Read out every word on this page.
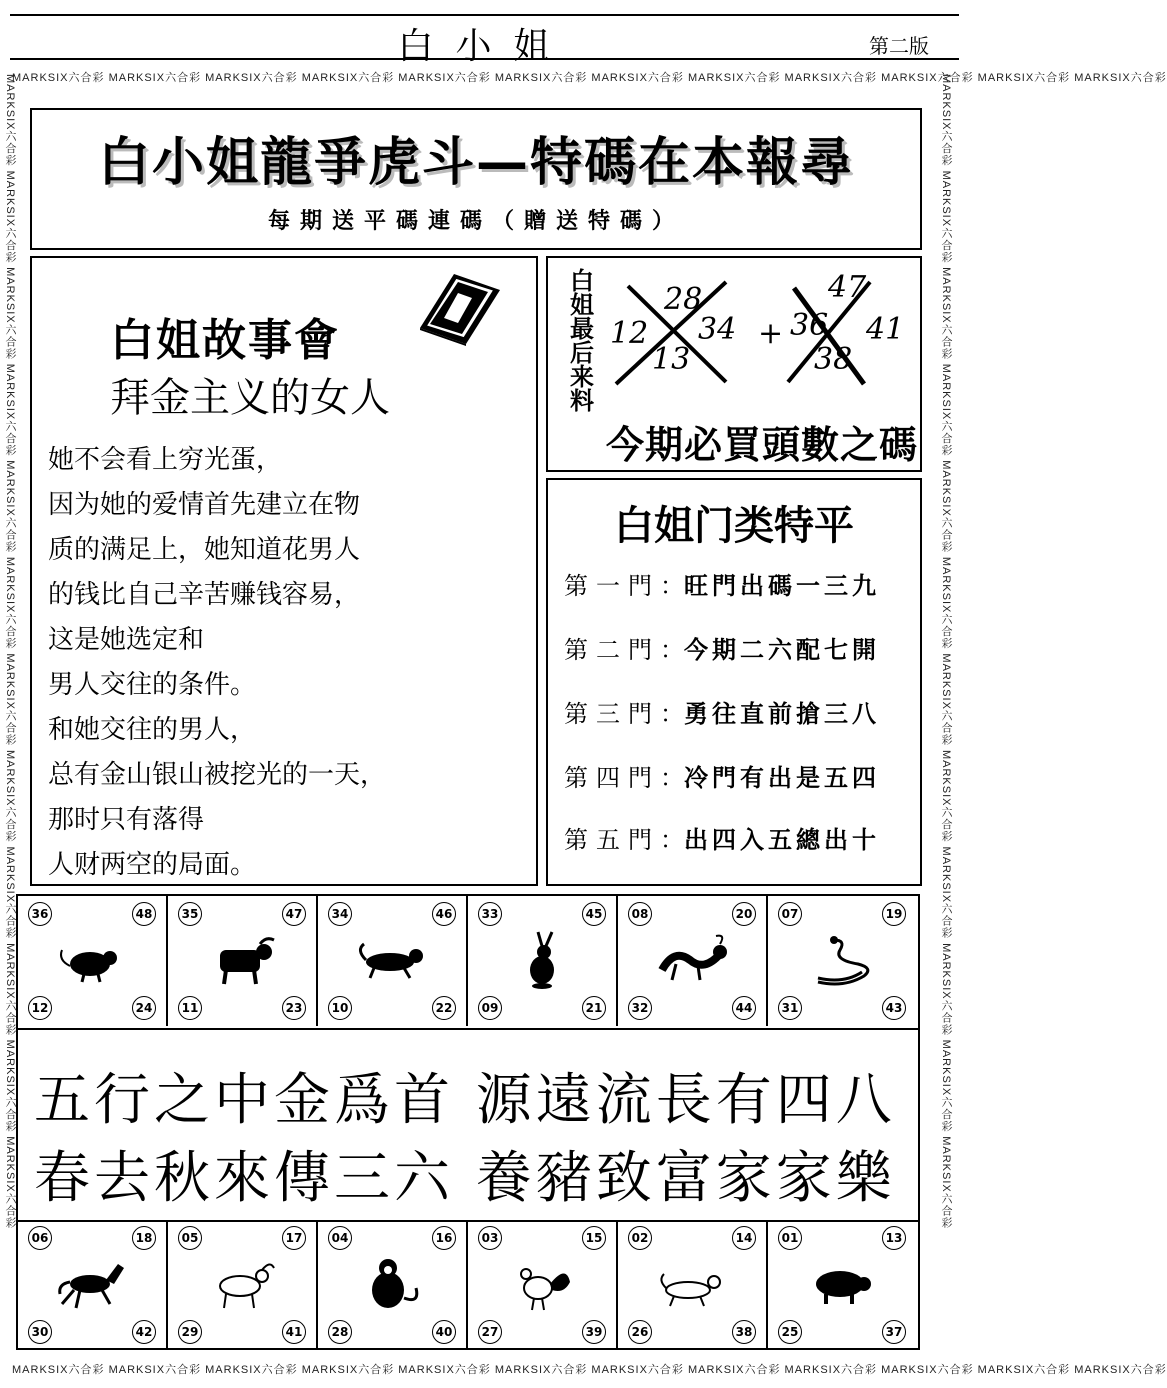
白小姐	第二版
MARKSIX六合彩 MARKSIX六合彩 MARKSIX六合彩 MARKSIX六合彩 MARKSIX六合彩 MARKSIX六合彩 MARKSIX六合彩 MARKSIX六合彩 MARKSIX六合彩 MARKSIX六合彩 MARKSIX六合彩 MARKSIX六合彩
MARKSIX六合彩 MARKSIX六合彩 MARKSIX六合彩 MARKSIX六合彩 MARKSIX六合彩 MARKSIX六合彩 MARKSIX六合彩 MARKSIX六合彩 MARKSIX六合彩 MARKSIX六合彩 MARKSIX六合彩 MARKSIX六合彩
MARKSIX六合彩 MARKSIX六合彩 MARKSIX六合彩 MARKSIX六合彩 MARKSIX六合彩 MARKSIX六合彩 MARKSIX六合彩 MARKSIX六合彩 MARKSIX六合彩 MARKSIX六合彩 MARKSIX六合彩 MARKSIX六合彩	MARKSIX六合彩 MARKSIX六合彩 MARKSIX六合彩 MARKSIX六合彩 MARKSIX六合彩 MARKSIX六合彩 MARKSIX六合彩 MARKSIX六合彩 MARKSIX六合彩 MARKSIX六合彩 MARKSIX六合彩 MARKSIX六合彩
白小姐龍爭虎斗—特碼在本報尋
每期送平碼連碼（贈送特碼）
白姐故事會
拜金主义的女人
她不会看上穷光蛋，
因为她的爱情首先建立在物
质的满足上，她知道花男人
的钱比自己辛苦赚钱容易，
这是她选定和
男人交往的条件。
和她交往的男人，
总有金山银山被挖光的一天，
那时只有落得
人财两空的局面。
白姐最后来料 28
12 34
13
+ 36
47
41
38
今期必買頭數之碼
白姐门类特平
第一門：旺門出碼一三九
第二門：今期二六配七開
第三門：勇往直前搶三八
第四門：冷門有出是五四
第五門：出四入五總出十
36	48
12	24
35	47
11	23
34	46
10	22
33	45
09	21
08	20
32	44
07	19
31	43
五行之中金爲首 源遠流長有四八
春去秋來傳三六 養豬致富家家樂
06	18
30	42
05	17
29	41
04	16
28	40
03	15
27	39
02	14
26	38
01	13
25	37
